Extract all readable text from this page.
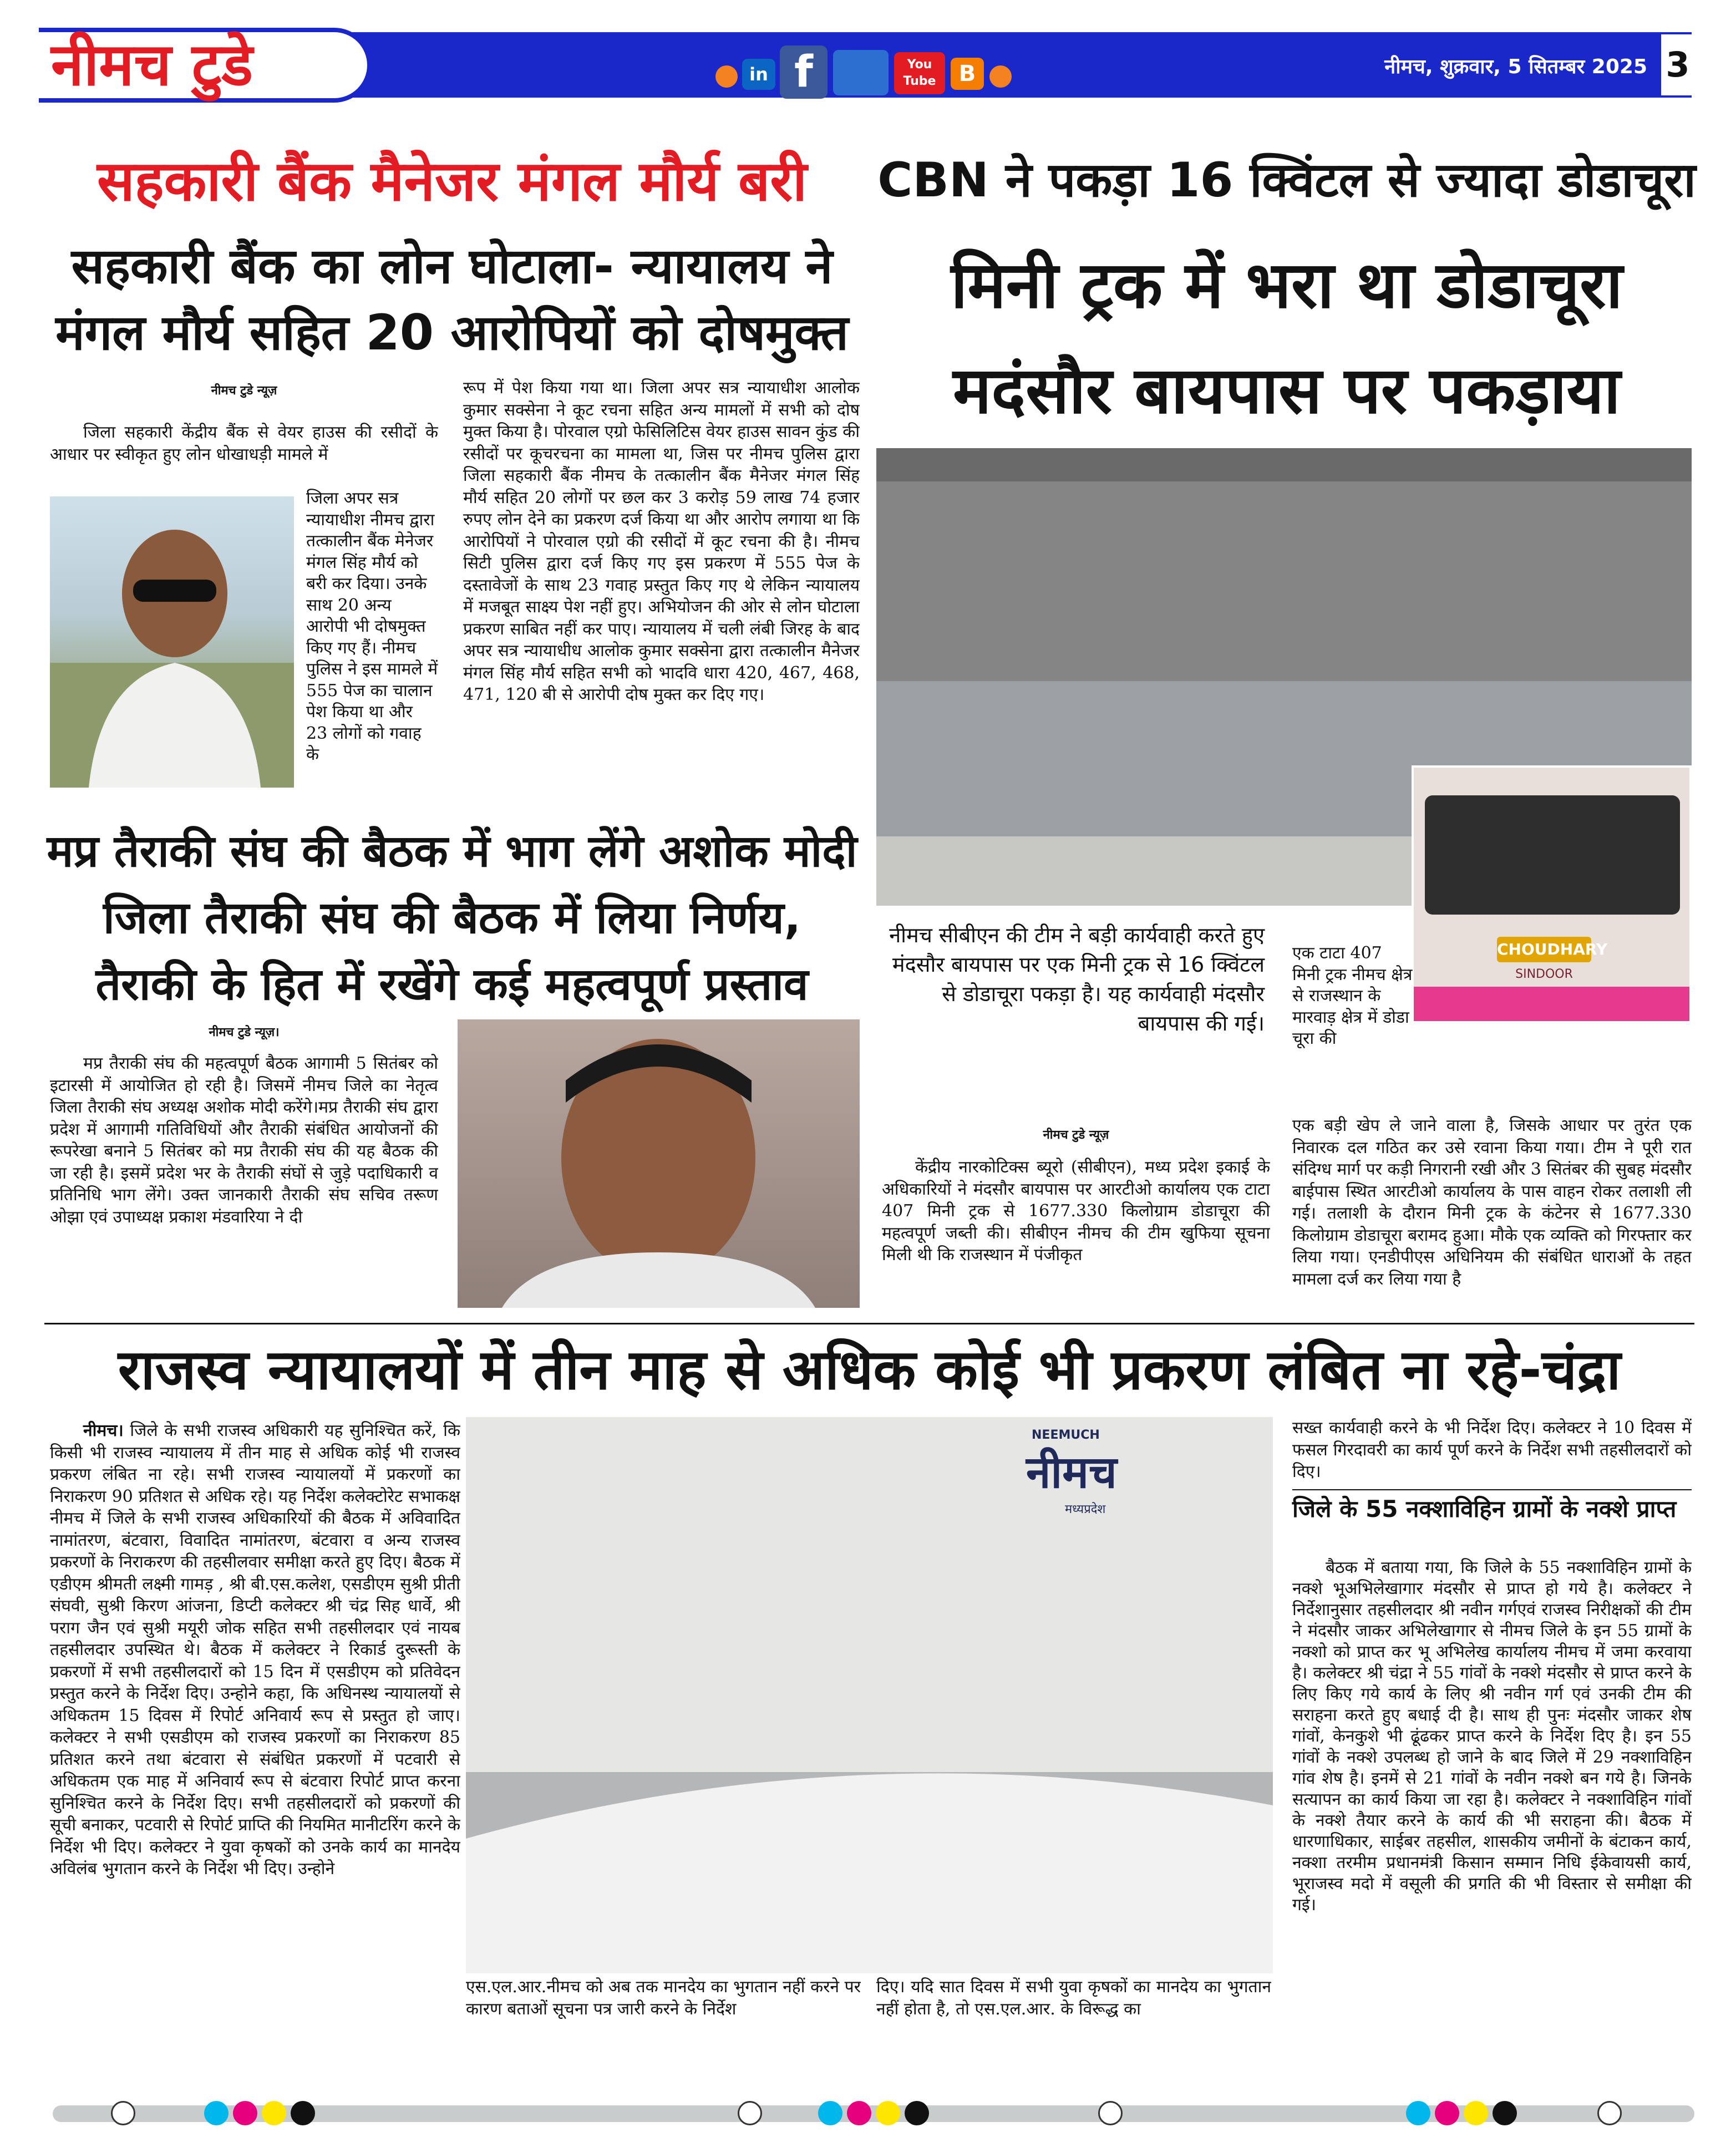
नीमच टुडे	in f	You
Tube	B	नीमच, शुक्रवार, 5 सितम्बर 2025 3
सहकारी बैंक मैनेजर मंगल मौर्य बरी
सहकारी बैंक का लोन घोटाला- न्यायालय ने
मंगल मौर्य सहित 20 आरोपियों को दोषमुक्त
नीमच टुडे न्यूज़

जिला सहकारी केंद्रीय बैंक से वेयर हाउस की रसीदों के आधार पर स्वीकृत हुए लोन धोखाधड़ी मामले में

जिला अपर सत्र न्यायाधीश नीमच द्वारा तत्कालीन बैंक मेनेजर मंगल सिंह मौर्य को बरी कर दिया। उनके साथ 20 अन्य आरोपी भी दोषमुक्त किए गए हैं। नीमच पुलिस ने इस मामले में 555 पेज का चालान पेश किया था और 23 लोगों को गवाह के
रूप में पेश किया गया था। जिला अपर सत्र न्यायाधीश आलोक कुमार सक्सेना ने कूट रचना सहित अन्य मामलों में सभी को दोष मुक्त किया है। पोरवाल एग्रो फेसिलिटिस वेयर हाउस सावन कुंड की रसीदों पर कूचरचना का मामला था, जिस पर नीमच पुलिस द्वारा जिला सहकारी बैंक नीमच के तत्कालीन बैंक मैनेजर मंगल सिंह मौर्य सहित 20 लोगों पर छल कर 3 करोड़ 59 लाख 74 हजार रुपए लोन देने का प्रकरण दर्ज किया था और आरोप लगाया था कि आरोपियों ने पोरवाल एग्रो की रसीदों में कूट रचना की है। नीमच सिटी पुलिस द्वारा दर्ज किए गए इस प्रकरण में 555 पेज के दस्तावेजों के साथ 23 गवाह प्रस्तुत किए गए थे लेकिन न्यायालय में मजबूत साक्ष्य पेश नहीं हुए। अभियोजन की ओर से लोन घोटाला प्रकरण साबित नहीं कर पाए। न्यायालय में चली लंबी जिरह के बाद अपर सत्र न्यायाधीध आलोक कुमार सक्सेना द्वारा तत्कालीन मैनेजर मंगल सिंह मौर्य सहित सभी को भादवि धारा 420, 467, 468, 471, 120 बी से आरोपी दोष मुक्त कर दिए गए।
मप्र तैराकी संघ की बैठक में भाग लेंगे अशोक मोदी
जिला तैराकी संघ की बैठक में लिया निर्णय,
तैराकी के हित में रखेंगे कई महत्वपूर्ण प्रस्ताव
नीमच टुडे न्यूज़।

मप्र तैराकी संघ की महत्वपूर्ण बैठक आगामी 5 सितंबर को इटारसी में आयोजित हो रही है। जिसमें नीमच जिले का नेतृत्व जिला तैराकी संघ अध्यक्ष अशोक मोदी करेंगे।मप्र तैराकी संघ द्वारा प्रदेश में आगामी गतिविधियों और तैराकी संबंधित आयोजनों की रूपरेखा बनाने 5 सितंबर को मप्र तैराकी संघ की यह बैठक की जा रही है। इसमें प्रदेश भर के तैराकी संघों से जुड़े पदाधिकारी व प्रतिनिधि भाग लेंगे। उक्त जानकारी तैराकी संघ सचिव तरूण ओझा एवं उपाध्यक्ष प्रकाश मंडवारिया ने दी

CBN ने पकड़ा 16 क्विंटल से ज्यादा डोडाचूरा
मिनी ट्रक में भरा था डोडाचूरा
मदंसौर बायपास पर पकड़ाया
CHOUDHARY
SINDOOR
नीमच सीबीएन की टीम ने बड़ी कार्यवाही करते हुए मंदसौर बायपास पर एक मिनी ट्रक से 16 क्विंटल से डोडाचूरा पकड़ा है। यह कार्यवाही मंदसौर बायपास की गई।
एक टाटा 407 मिनी ट्रक नीमच क्षेत्र से राजस्थान के मारवाड़ क्षेत्र में डोडा चूरा की
नीमच टुडे न्यूज़

केंद्रीय नारकोटिक्स ब्यूरो (सीबीएन), मध्य प्रदेश इकाई के अधिकारियों ने मंदसौर बायपास पर आरटीओ कार्यालय एक टाटा 407 मिनी ट्रक से 1677.330 किलोग्राम डोडाचूरा की महत्वपूर्ण जब्ती की। सीबीएन नीमच की टीम खुफिया सूचना मिली थी कि राजस्थान में पंजीकृत

एक बड़ी खेप ले जाने वाला है, जिसके आधार पर तुरंत एक निवारक दल गठित कर उसे रवाना किया गया। टीम ने पूरी रात संदिग्ध मार्ग पर कड़ी निगरानी रखी और 3 सितंबर की सुबह मंदसौर बाईपास स्थित आरटीओ कार्यालय के पास वाहन रोकर तलाशी ली गई। तलाशी के दौरान मिनी ट्रक के कंटेनर से 1677.330 किलोग्राम डोडाचूरा बरामद हुआ। मौके एक व्यक्ति को गिरफ्तार कर लिया गया। एनडीपीएस अधिनियम की संबंधित धाराओं के तहत मामला दर्ज कर लिया गया है
राजस्व न्यायालयों में तीन माह से अधिक कोई भी प्रकरण लंबित ना रहे-चंद्रा

नीमच। जिले के सभी राजस्व अधिकारी यह सुनिश्चित करें, कि किसी भी राजस्व न्यायालय में तीन माह से अधिक कोई भी राजस्व प्रकरण लंबित ना रहे। सभी राजस्व न्यायालयों में प्रकरणों का निराकरण 90 प्रतिशत से अधिक रहे। यह निर्देश कलेक्टोरेट सभाकक्ष नीमच में जिले के सभी राजस्व अधिकारियों की बैठक में अविवादित नामांतरण, बंटवारा, विवादित नामांतरण, बंटवारा व अन्य राजस्व प्रकरणों के निराकरण की तहसीलवार समीक्षा करते हुए दिए। बैठक में एडीएम श्रीमती लक्ष्मी गामड़ , श्री बी.एस.कलेश, एसडीएम सुश्री प्रीती संघवी, सुश्री किरण आंजना, डिप्टी कलेक्टर श्री चंद्र सिह धार्वे, श्री पराग जैन एवं सुश्री मयूरी जोक सहित सभी तहसीलदार एवं नायब तहसीलदार उपस्थित थे। बैठक में कलेक्टर ने रिकार्ड दुरूस्ती के प्रकरणों में सभी तहसीलदारों को 15 दिन में एसडीएम को प्रतिवेदन प्रस्तुत करने के निर्देश दिए। उन्होने कहा, कि अधिनस्थ न्यायालयों से अधिकतम 15 दिवस में रिपोर्ट अनिवार्य रूप से प्रस्तुत हो जाए। कलेक्टर ने सभी एसडीएम को राजस्व प्रकरणों का निराकरण 85 प्रतिशत करने तथा बंटवारा से संबंधित प्रकरणों में पटवारी से अधिकतम एक माह में अनिवार्य रूप से बंटवारा रिपोर्ट प्राप्त करना सुनिश्चित करने के निर्देश दिए। सभी तहसीलदारों को प्रकरणों की सूची बनाकर, पटवारी से रिपोर्ट प्राप्ति की नियमित मानीटरिंग करने के निर्देश भी दिए। कलेक्टर ने युवा कृषकों को उनके कार्य का मानदेय अविलंब भुगतान करने के निर्देश भी दिए। उन्होने

NEEMUCH
नीमच
मध्यप्रदेश
एस.एल.आर.नीमच को अब तक मानदेय का भुगतान नहीं करने पर कारण बताओं सूचना पत्र जारी करने के निर्देश
दिए। यदि सात दिवस में सभी युवा कृषकों का मानदेय का भुगतान नहीं होता है, तो एस.एल.आर. के विरूद्ध का
सख्त कार्यवाही करने के भी निर्देश दिए। कलेक्टर ने 10 दिवस में फसल गिरदावरी का कार्य पूर्ण करने के निर्देश सभी तहसीलदारों को दिए।
जिले के 55 नक्शाविहिन ग्रामों के नक्शे प्राप्त

बैठक में बताया गया, कि जिले के 55 नक्शाविहिन ग्रामों के नक्शे भूअभिलेखागार मंदसौर से प्राप्त हो गये है। कलेक्टर ने निर्देशानुसार तहसीलदार श्री नवीन गर्गएवं राजस्व निरीक्षकों की टीम ने मंदसौर जाकर अभिलेखागार से नीमच जिले के इन 55 ग्रामों के नक्शो को प्राप्त कर भू अभिलेख कार्यालय नीमच में जमा करवाया है। कलेक्टर श्री चंद्रा ने 55 गांवों के नक्शे मंदसौर से प्राप्त करने के लिए किए गये कार्य के लिए श्री नवीन गर्ग एवं उनकी टीम की सराहना करते हुए बधाई दी है। साथ ही पुनः मंदसौर जाकर शेष गांवों, केनकुशे भी ढूंढकर प्राप्त करने के निर्देश दिए है। इन 55 गांवों के नक्शे उपलब्ध हो जाने के बाद जिले में 29 नक्शाविहिन गांव शेष है। इनमें से 21 गांवों के नवीन नक्शे बन गये है। जिनके सत्यापन का कार्य किया जा रहा है। कलेक्टर ने नक्शाविहिन गांवों के नक्शे तैयार करने के कार्य की भी सराहना की। बैठक में धारणाधिकार, साईबर तहसील, शासकीय जमीनों के बंटाकन कार्य, नक्शा तरमीम प्रधानमंत्री किसान सम्मान निधि ईकेवायसी कार्य, भूराजस्व मदो में वसूली की प्रगति की भी विस्तार से समीक्षा की गई।
